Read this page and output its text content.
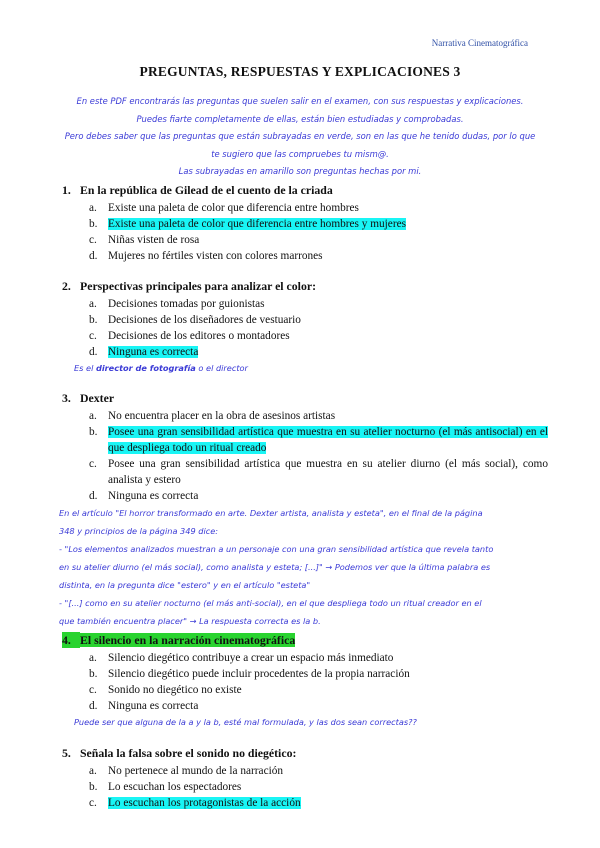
Narrativa Cinematográfica
PREGUNTAS, RESPUESTAS Y EXPLICACIONES 3
En este PDF encontrarás las preguntas que suelen salir en el examen, con sus respuestas y explicaciones.
Puedes fiarte completamente de ellas, están bien estudiadas y comprobadas.
Pero debes saber que las preguntas que están subrayadas en verde, son en las que he tenido dudas, por lo que
te sugiero que las compruebes tu mism@.
Las subrayadas en amarillo son preguntas hechas por mi.
1. En la república de Gilead de el cuento de la criada
a. Existe una paleta de color que diferencia entre hombres
b. Existe una paleta de color que diferencia entre hombres y mujeres
c. Niñas visten de rosa
d. Mujeres no fértiles visten con colores marrones
2. Perspectivas principales para analizar el color:
a. Decisiones tomadas por guionistas
b. Decisiones de los diseñadores de vestuario
c. Decisiones de los editores o montadores
d. Ninguna es correcta
Es el director de fotografía o el director
3. Dexter
a. No encuentra placer en la obra de asesinos artistas
b. Posee una gran sensibilidad artística que muestra en su atelier nocturno (el más antisocial) en el que despliega todo un ritual creado
c. Posee una gran sensibilidad artística que muestra en su atelier diurno (el más social), como analista y estero
d. Ninguna es correcta
En el artículo "El horror transformado en arte. Dexter artista, analista y esteta", en el final de la página
348 y principios de la página 349 dice:
- "Los elementos analizados muestran a un personaje con una gran sensibilidad artística que revela tanto
en su atelier diurno (el más social), como analista y esteta; [...]" → Podemos ver que la última palabra es
distinta, en la pregunta dice "estero" y en el artículo "esteta"
- "[...] como en su atelier nocturno (el más anti-social), en el que despliega todo un ritual creador en el
que también encuentra placer" → La respuesta correcta es la b.
4. El silencio en la narración cinematográfica
a. Silencio diegético contribuye a crear un espacio más inmediato
b. Silencio diegético puede incluir procedentes de la propia narración
c. Sonido no diegético no existe
d. Ninguna es correcta
Puede ser que alguna de la a y la b, esté mal formulada, y las dos sean correctas??
5. Señala la falsa sobre el sonido no diegético:
a. No pertenece al mundo de la narración
b. Lo escuchan los espectadores
c. Lo escuchan los protagonistas de la acción
